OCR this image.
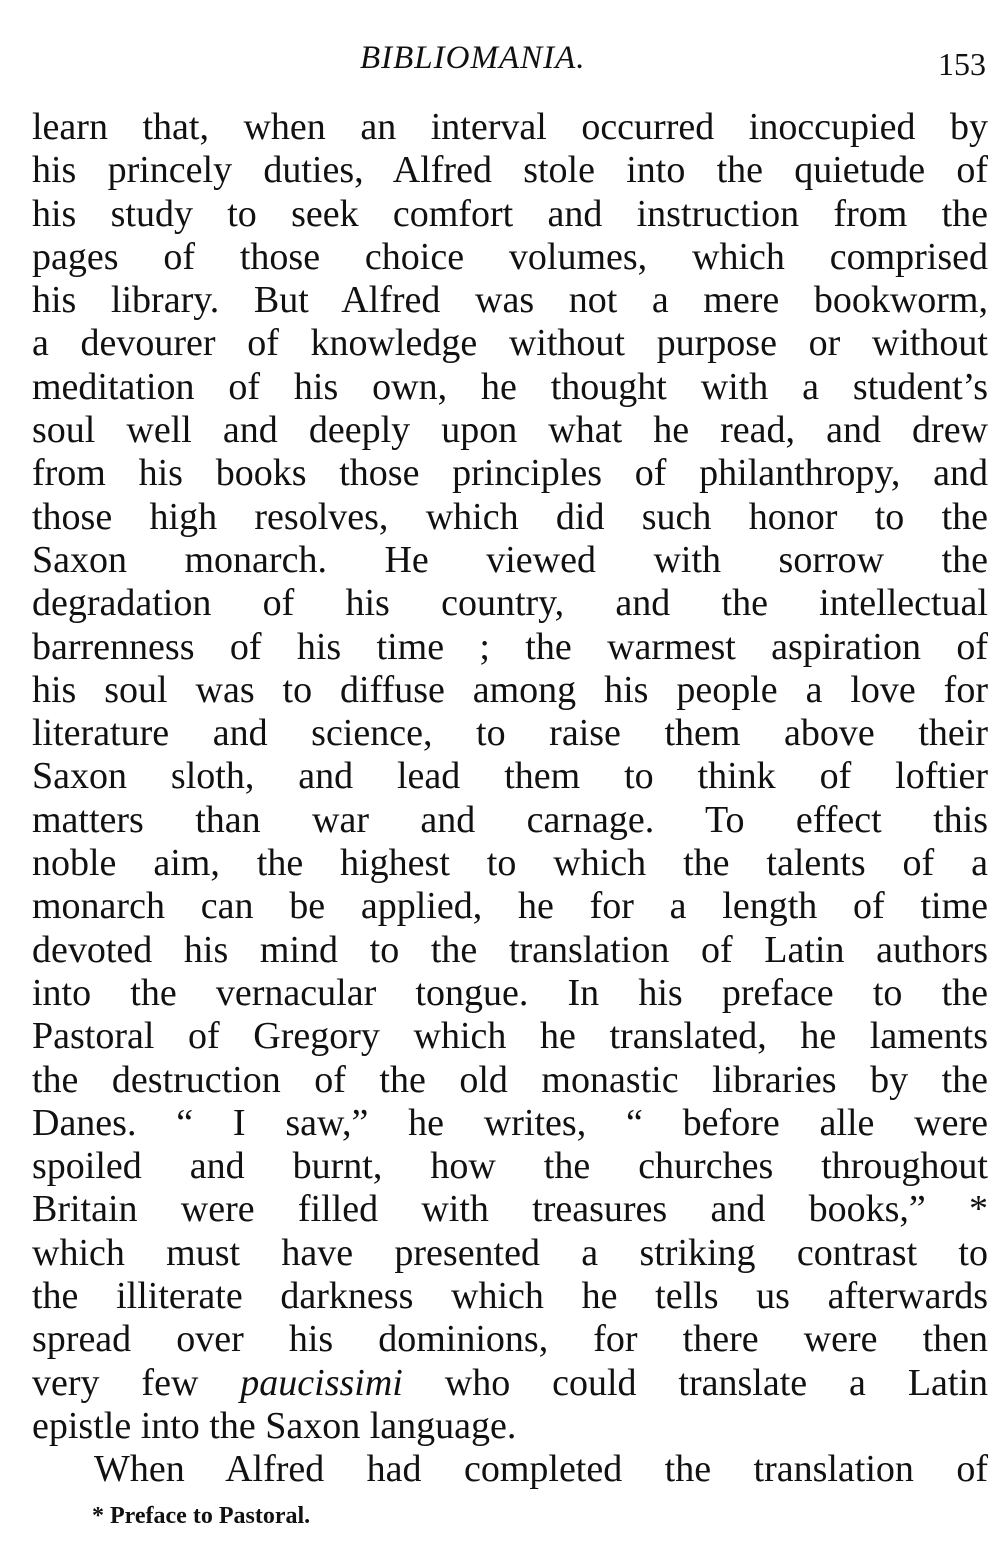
BIBLIOMANIA.	153
learn that, when an interval occurred inoccupied by
his princely duties, Alfred stole into the quietude of
his study to seek comfort and instruction from the
pages of those choice volumes, which comprised
his library. But Alfred was not a mere bookworm,
a devourer of knowledge without purpose or without
meditation of his own, he thought with a student’s
soul well and deeply upon what he read, and drew
from his books those principles of philanthropy, and
those high resolves, which did such honor to the
Saxon monarch. He viewed with sorrow the
degradation of his country, and the intellectual
barrenness of his time ; the warmest aspiration of
his soul was to diffuse among his people a love for
literature and science, to raise them above their
Saxon sloth, and lead them to think of loftier
matters than war and carnage. To effect this
noble aim, the highest to which the talents of a
monarch can be applied, he for a length of time
devoted his mind to the translation of Latin authors
into the vernacular tongue. In his preface to the
Pastoral of Gregory which he translated, he laments
the destruction of the old monastic libraries by the
Danes. “ I saw,” he writes, “ before alle were
spoiled and burnt, how the churches throughout
Britain were filled with treasures and books,” *
which must have presented a striking contrast to
the illiterate darkness which he tells us afterwards
spread over his dominions, for there were then
very few paucissimi who could translate a Latin
epistle into the Saxon language.
When Alfred had completed the translation of
* Preface to Pastoral.
